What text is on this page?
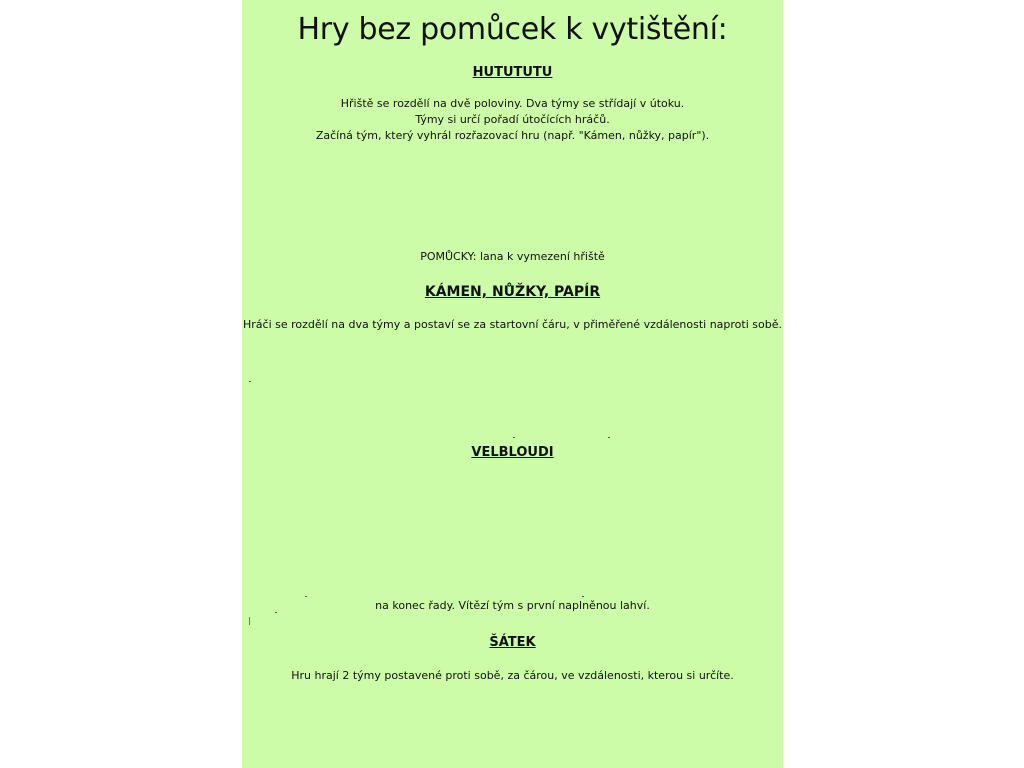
Hry bez pomůcek k vytištění:
HUTUTUTU
Hřiště se rozdělí na dvě poloviny. Dva týmy se střídají v útoku.
Týmy si určí pořadí útočících hráčů.
Začíná tým, který vyhrál rozřazovací hru (např. "Kámen, nůžky, papír").
POMŮCKY: lana k vymezení hřiště
KÁMEN, NŮŽKY, PAPÍR
Hráči se rozdělí na dva týmy a postaví se za startovní čáru, v přiměřené vzdálenosti naproti sobě.
VELBLOUDI
na konec řady. Vítězí tým s první naplněnou lahví.
ŠÁTEK
Hru hrají 2 týmy postavené proti sobě, za čárou, ve vzdálenosti, kterou si určíte.
